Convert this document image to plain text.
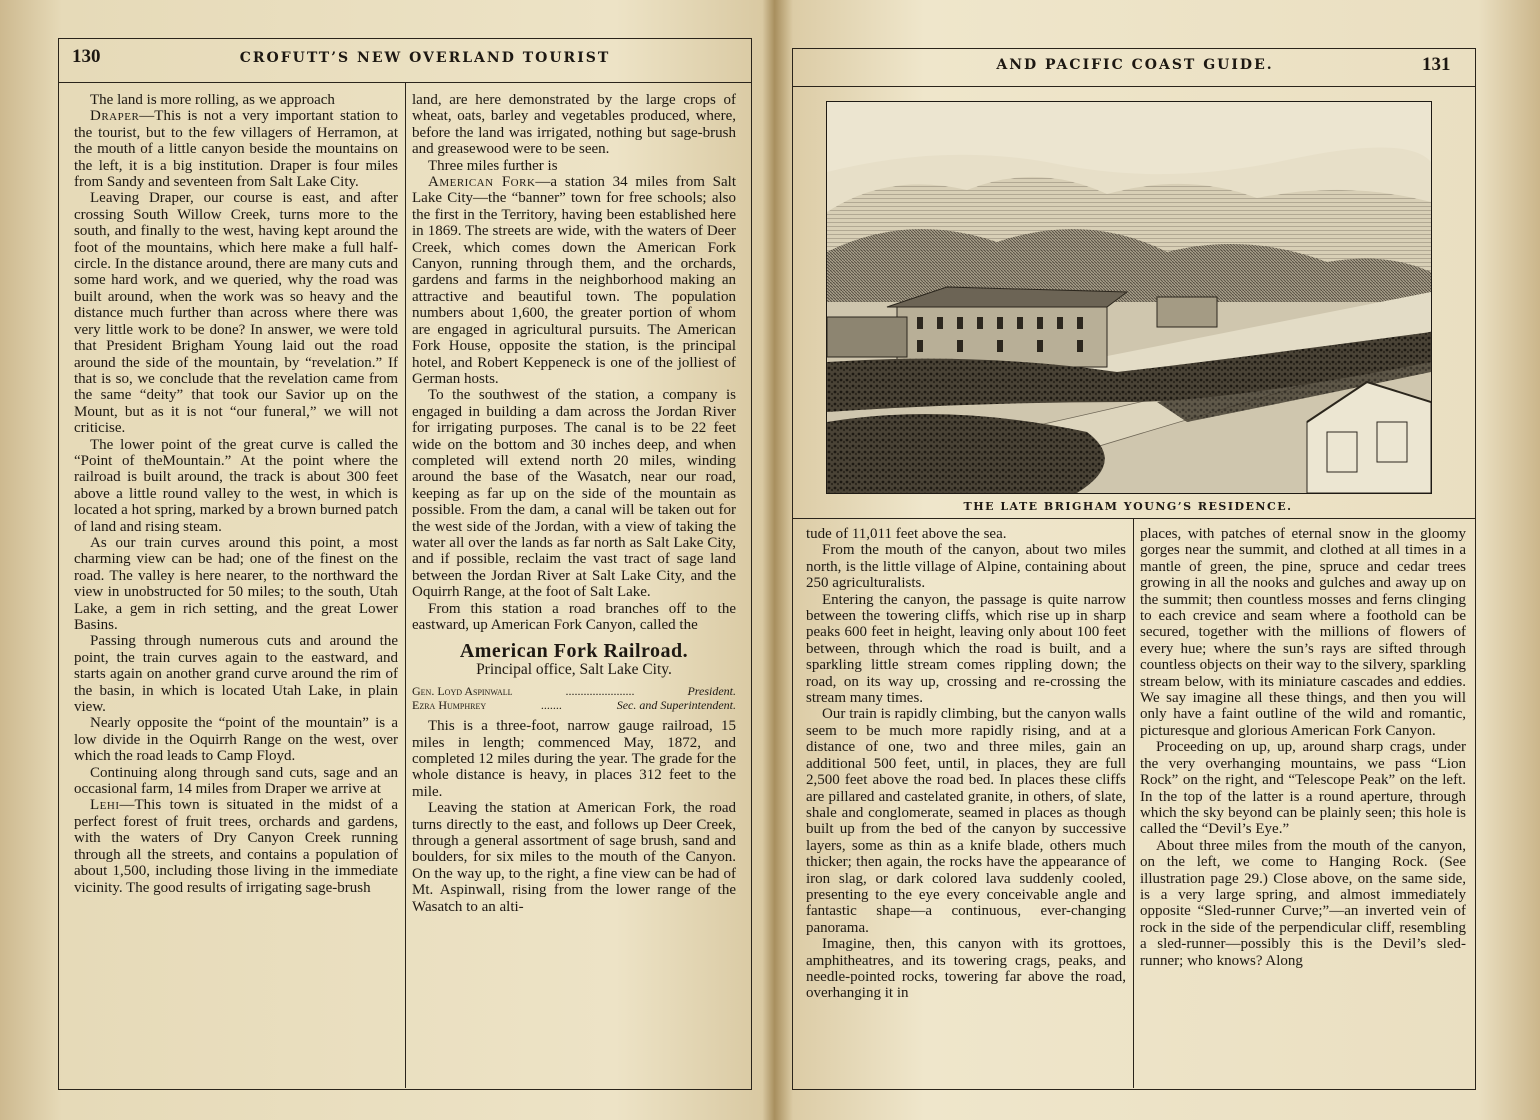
130	CROFUTT’S NEW OVERLAND TOURIST

The land is more rolling, as we approach

Draper—This is not a very important station to the tourist, but to the few villagers of Herramon, at the mouth of a little canyon beside the mountains on the left, it is a big institution. Draper is four miles from Sandy and seventeen from Salt Lake City.

Leaving Draper, our course is east, and after crossing South Willow Creek, turns more to the south, and finally to the west, having kept around the foot of the mountains, which here make a full half-circle. In the distance around, there are many cuts and some hard work, and we queried, why the road was built around, when the work was so heavy and the distance much further than across where there was very little work to be done? In answer, we were told that President Brigham Young laid out the road around the side of the mountain, by “revelation.” If that is so, we conclude that the revelation came from the same “deity” that took our Savior up on the Mount, but as it is not “our funeral,” we will not criticise.

The lower point of the great curve is called the “Point of theMountain.” At the point where the railroad is built around, the track is about 300 feet above a little round valley to the west, in which is located a hot spring, marked by a brown burned patch of land and rising steam.

As our train curves around this point, a most charming view can be had; one of the finest on the road. The valley is here nearer, to the northward the view in unobstructed for 50 miles; to the south, Utah Lake, a gem in rich setting, and the great Lower Basins.

Passing through numerous cuts and around the point, the train curves again to the eastward, and starts again on another grand curve around the rim of the basin, in which is located Utah Lake, in plain view.

Nearly opposite the “point of the mountain” is a low divide in the Oquirrh Range on the west, over which the road leads to Camp Floyd.

Continuing along through sand cuts, sage and an occasional farm, 14 miles from Draper we arrive at

Lehi—This town is situated in the midst of a perfect forest of fruit trees, orchards and gardens, with the waters of Dry Canyon Creek running through all the streets, and contains a population of about 1,500, including those living in the immediate vicinity. The good results of irrigating sage-brush

land, are here demonstrated by the large crops of wheat, oats, barley and vegetables produced, where, before the land was irrigated, nothing but sage-brush and greasewood were to be seen.

Three miles further is

American Fork—a station 34 miles from Salt Lake City—the “banner” town for free schools; also the first in the Territory, having been established here in 1869. The streets are wide, with the waters of Deer Creek, which comes down the American Fork Canyon, running through them, and the orchards, gardens and farms in the neighborhood making an attractive and beautiful town. The population numbers about 1,600, the greater portion of whom are engaged in agricultural pursuits. The American Fork House, opposite the station, is the principal hotel, and Robert Keppeneck is one of the jolliest of German hosts.

To the southwest of the station, a company is engaged in building a dam across the Jordan River for irrigating purposes. The canal is to be 22 feet wide on the bottom and 30 inches deep, and when completed will extend north 20 miles, winding around the base of the Wasatch, near our road, keeping as far up on the side of the mountain as possible. From the dam, a canal will be taken out for the west side of the Jordan, with a view of taking the water all over the lands as far north as Salt Lake City, and if possible, reclaim the vast tract of sage land between the Jordan River at Salt Lake City, and the Oquirrh Range, at the foot of Salt Lake.

From this station a road branches off to the eastward, up American Fork Canyon, called the

American Fork Railroad.
Principal office, Salt Lake City.
Gen. Loyd Aspinwall	.......................	President.
Ezra Humphrey	.......	Sec. and Superintendent.

This is a three-foot, narrow gauge railroad, 15 miles in length; commenced May, 1872, and completed 12 miles during the year. The grade for the whole distance is heavy, in places 312 feet to the mile.

Leaving the station at American Fork, the road turns directly to the east, and follows up Deer Creek, through a general assortment of sage brush, sand and boulders, for six miles to the mouth of the Canyon. On the way up, to the right, a fine view can be had of Mt. Aspinwall, rising from the lower range of the Wasatch to an alti-

AND PACIFIC COAST GUIDE.	131
THE LATE BRIGHAM YOUNG’S RESIDENCE.

tude of 11,011 feet above the sea.

From the mouth of the canyon, about two miles north, is the little village of Alpine, containing about 250 agriculturalists.

Entering the canyon, the passage is quite narrow between the towering cliffs, which rise up in sharp peaks 600 feet in height, leaving only about 100 feet between, through which the road is built, and a sparkling little stream comes rippling down; the road, on its way up, crossing and re-crossing the stream many times.

Our train is rapidly climbing, but the canyon walls seem to be much more rapidly rising, and at a distance of one, two and three miles, gain an additional 500 feet, until, in places, they are full 2,500 feet above the road bed. In places these cliffs are pillared and castelated granite, in others, of slate, shale and conglomerate, seamed in places as though built up from the bed of the canyon by successive layers, some as thin as a knife blade, others much thicker; then again, the rocks have the appearance of iron slag, or dark colored lava suddenly cooled, presenting to the eye every conceivable angle and fantastic shape—a continuous, ever-changing panorama.

Imagine, then, this canyon with its grottoes, amphitheatres, and its towering crags, peaks, and needle-pointed rocks, towering far above the road, overhanging it in

places, with patches of eternal snow in the gloomy gorges near the summit, and clothed at all times in a mantle of green, the pine, spruce and cedar trees growing in all the nooks and gulches and away up on the summit; then countless mosses and ferns clinging to each crevice and seam where a foothold can be secured, together with the millions of flowers of every hue; where the sun’s rays are sifted through countless objects on their way to the silvery, sparkling stream below, with its miniature cascades and eddies. We say imagine all these things, and then you will only have a faint outline of the wild and romantic, picturesque and glorious American Fork Canyon.

Proceeding on up, up, around sharp crags, under the very overhanging mountains, we pass “Lion Rock” on the right, and “Telescope Peak” on the left. In the top of the latter is a round aperture, through which the sky beyond can be plainly seen; this hole is called the “Devil’s Eye.”

About three miles from the mouth of the canyon, on the left, we come to Hanging Rock. (See illustration page 29.) Close above, on the same side, is a very large spring, and almost immediately opposite “Sled-runner Curve;”—an inverted vein of rock in the side of the perpendicular cliff, resembling a sled-runner—possibly this is the Devil’s sled-runner; who knows? Along
